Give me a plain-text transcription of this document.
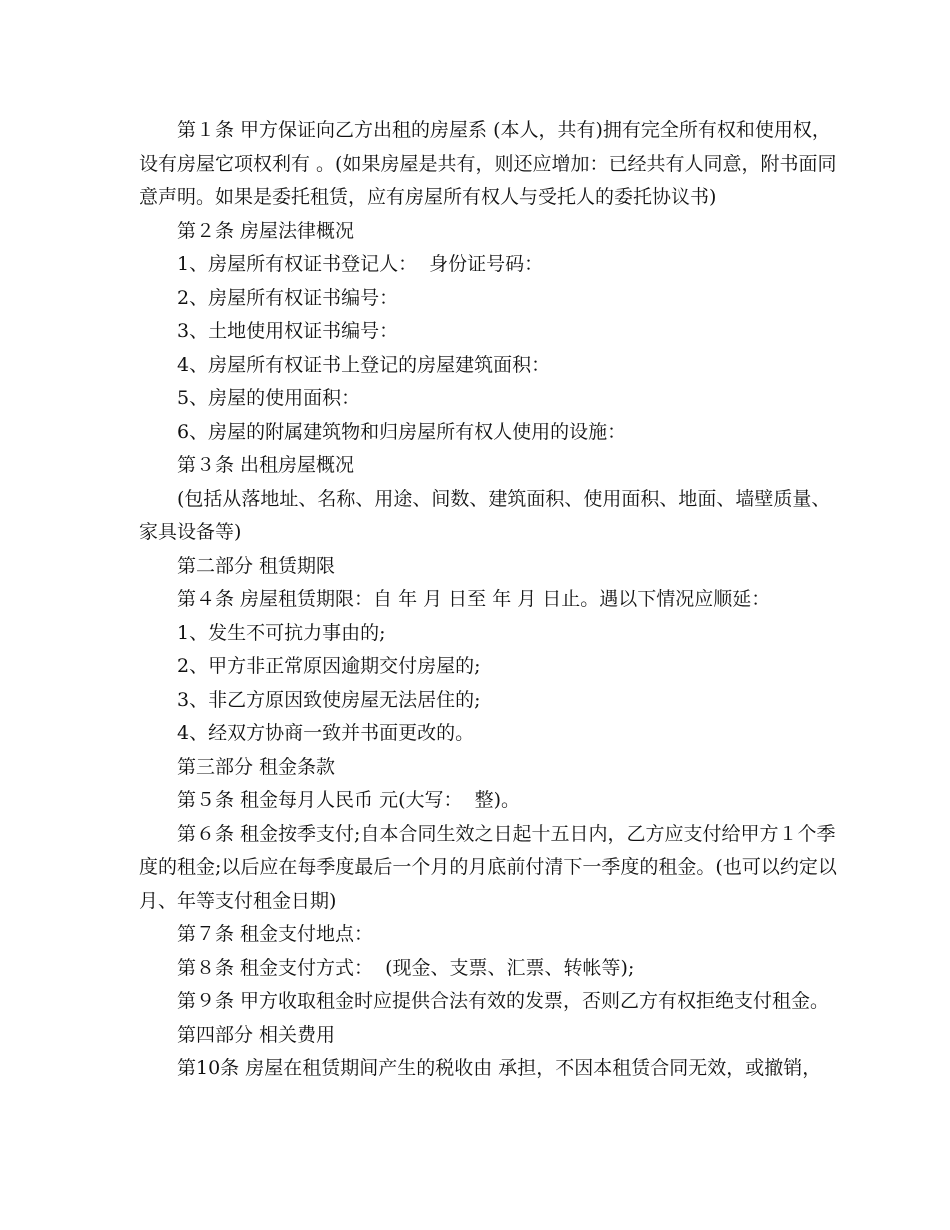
第１条 甲方保证向乙方出租的房屋系 (本人，共有)拥有完全所有权和使用权，设有房屋它项权利有 。(如果房屋是共有，则还应增加：已经共有人同意，附书面同意声明。如果是委托租赁，应有房屋所有权人与受托人的委托协议书)

第２条 房屋法律概况

1、房屋所有权证书登记人：  身份证号码：

2、房屋所有权证书编号：

3、土地使用权证书编号：

4、房屋所有权证书上登记的房屋建筑面积：

5、房屋的使用面积：

6、房屋的附属建筑物和归房屋所有权人使用的设施：

第３条 出租房屋概况

(包括从落地址、名称、用途、间数、建筑面积、使用面积、地面、墙壁质量、家具设备等)

第二部分 租赁期限

第４条 房屋租赁期限：自 年 月 日至 年 月 日止。遇以下情况应顺延：

1、发生不可抗力事由的;

2、甲方非正常原因逾期交付房屋的;

3、非乙方原因致使房屋无法居住的;

4、经双方协商一致并书面更改的。

第三部分 租金条款

第５条 租金每月人民币 元(大写：  整)。

第６条 租金按季支付;自本合同生效之日起十五日内，乙方应支付给甲方１个季度的租金;以后应在每季度最后一个月的月底前付清下一季度的租金。(也可以约定以月、年等支付租金日期)

第７条 租金支付地点：

第８条 租金支付方式：  (现金、支票、汇票、转帐等);

第９条 甲方收取租金时应提供合法有效的发票，否则乙方有权拒绝支付租金。

第四部分 相关费用

第10条 房屋在租赁期间产生的税收由 承担，不因本租赁合同无效，或撤销，
